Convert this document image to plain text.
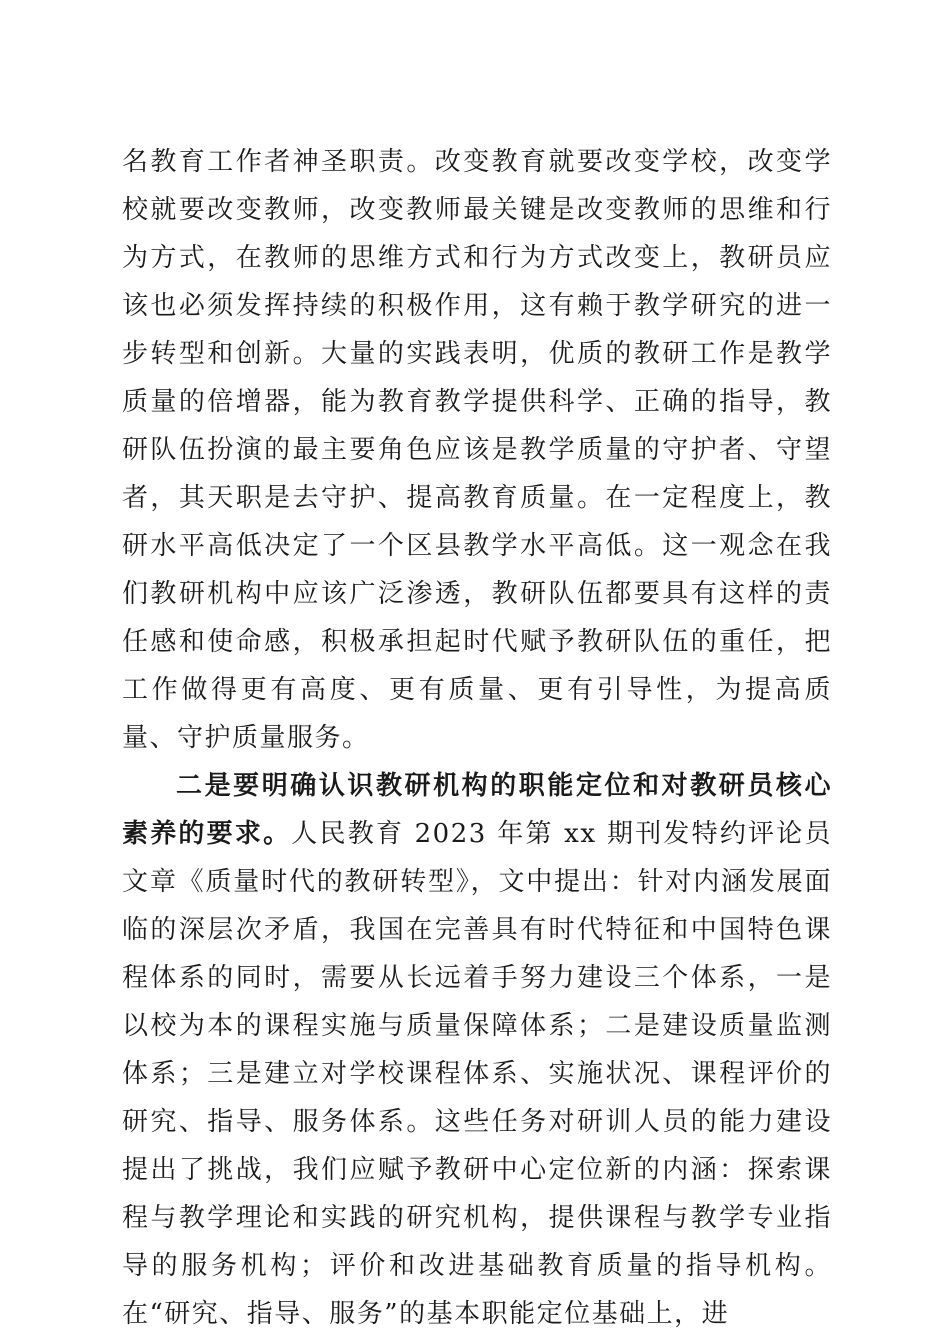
名教育工作者神圣职责。改变教育就要改变学校，改变学校就要改变教师，改变教师最关键是改变教师的思维和行为方式，在教师的思维方式和行为方式改变上，教研员应该也必须发挥持续的积极作用，这有赖于教学研究的进一步转型和创新。大量的实践表明，优质的教研工作是教学质量的倍增器，能为教育教学提供科学、正确的指导，教研队伍扮演的最主要角色应该是教学质量的守护者、守望者，其天职是去守护、提高教育质量。在一定程度上，教研水平高低决定了一个区县教学水平高低。这一观念在我们教研机构中应该广泛渗透，教研队伍都要具有这样的责任感和使命感，积极承担起时代赋予教研队伍的重任，把工作做得更有高度、更有质量、更有引导性，为提高质量、守护质量服务。

二是要明确认识教研机构的职能定位和对教研员核心素养的要求。人民教育 2023 年第 xx 期刊发特约评论员文章《质量时代的教研转型》，文中提出：针对内涵发展面临的深层次矛盾，我国在完善具有时代特征和中国特色课程体系的同时，需要从长远着手努力建设三个体系，一是以校为本的课程实施与质量保障体系；二是建设质量监测体系；三是建立对学校课程体系、实施状况、课程评价的研究、指导、服务体系。这些任务对研训人员的能力建设提出了挑战，我们应赋予教研中心定位新的内涵：探索课程与教学理论和实践的研究机构，提供课程与教学专业指导的服务机构；评价和改进基础教育质量的指导机构。在“研究、指导、服务”的基本职能定位基础上，进
